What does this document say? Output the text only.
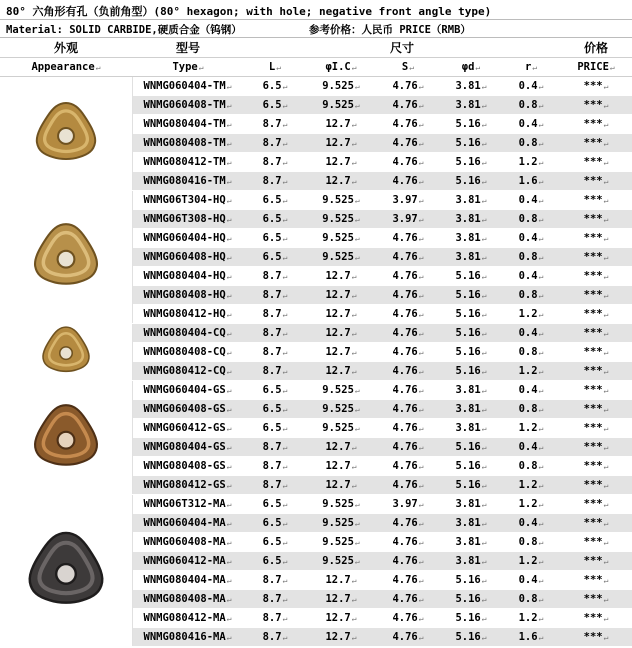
80° 六角形有孔（负前角型）(80° hexagon; with hole; negative front angle type)
Material: SOLID CARBIDE,硬质合金（钨钢）	参考价格：人民币 PRICE（RMB）
外观	型号	尺寸					价格
Appearance↵	Type↵	L↵	φI.C↵	S↵	φd↵	r↵	PRICE↵
	WNMG060404-TM↵	6.5↵	9.525↵	4.76↵	3.81↵	0.4↵	***↵
	WNMG060408-TM↵	6.5↵	9.525↵	4.76↵	3.81↵	0.8↵	***↵
	WNMG080404-TM↵	8.7↵	12.7↵	4.76↵	5.16↵	0.4↵	***↵
	WNMG080408-TM↵	8.7↵	12.7↵	4.76↵	5.16↵	0.8↵	***↵
	WNMG080412-TM↵	8.7↵	12.7↵	4.76↵	5.16↵	1.2↵	***↵
	WNMG080416-TM↵	8.7↵	12.7↵	4.76↵	5.16↵	1.6↵	***↵
	WNMG06T304-HQ↵	6.5↵	9.525↵	3.97↵	3.81↵	0.4↵	***↵
	WNMG06T308-HQ↵	6.5↵	9.525↵	3.97↵	3.81↵	0.8↵	***↵
	WNMG060404-HQ↵	6.5↵	9.525↵	4.76↵	3.81↵	0.4↵	***↵
	WNMG060408-HQ↵	6.5↵	9.525↵	4.76↵	3.81↵	0.8↵	***↵
	WNMG080404-HQ↵	8.7↵	12.7↵	4.76↵	5.16↵	0.4↵	***↵
	WNMG080408-HQ↵	8.7↵	12.7↵	4.76↵	5.16↵	0.8↵	***↵
	WNMG080412-HQ↵	8.7↵	12.7↵	4.76↵	5.16↵	1.2↵	***↵
	WNMG080404-CQ↵	8.7↵	12.7↵	4.76↵	5.16↵	0.4↵	***↵
	WNMG080408-CQ↵	8.7↵	12.7↵	4.76↵	5.16↵	0.8↵	***↵
	WNMG080412-CQ↵	8.7↵	12.7↵	4.76↵	5.16↵	1.2↵	***↵
	WNMG060404-GS↵	6.5↵	9.525↵	4.76↵	3.81↵	0.4↵	***↵
	WNMG060408-GS↵	6.5↵	9.525↵	4.76↵	3.81↵	0.8↵	***↵
	WNMG060412-GS↵	6.5↵	9.525↵	4.76↵	3.81↵	1.2↵	***↵
	WNMG080404-GS↵	8.7↵	12.7↵	4.76↵	5.16↵	0.4↵	***↵
	WNMG080408-GS↵	8.7↵	12.7↵	4.76↵	5.16↵	0.8↵	***↵
	WNMG080412-GS↵	8.7↵	12.7↵	4.76↵	5.16↵	1.2↵	***↵
	WNMG06T312-MA↵	6.5↵	9.525↵	3.97↵	3.81↵	1.2↵	***↵
	WNMG060404-MA↵	6.5↵	9.525↵	4.76↵	3.81↵	0.4↵	***↵
	WNMG060408-MA↵	6.5↵	9.525↵	4.76↵	3.81↵	0.8↵	***↵
	WNMG060412-MA↵	6.5↵	9.525↵	4.76↵	3.81↵	1.2↵	***↵
	WNMG080404-MA↵	8.7↵	12.7↵	4.76↵	5.16↵	0.4↵	***↵
	WNMG080408-MA↵	8.7↵	12.7↵	4.76↵	5.16↵	0.8↵	***↵
	WNMG080412-MA↵	8.7↵	12.7↵	4.76↵	5.16↵	1.2↵	***↵
	WNMG080416-MA↵	8.7↵	12.7↵	4.76↵	5.16↵	1.6↵	***↵
